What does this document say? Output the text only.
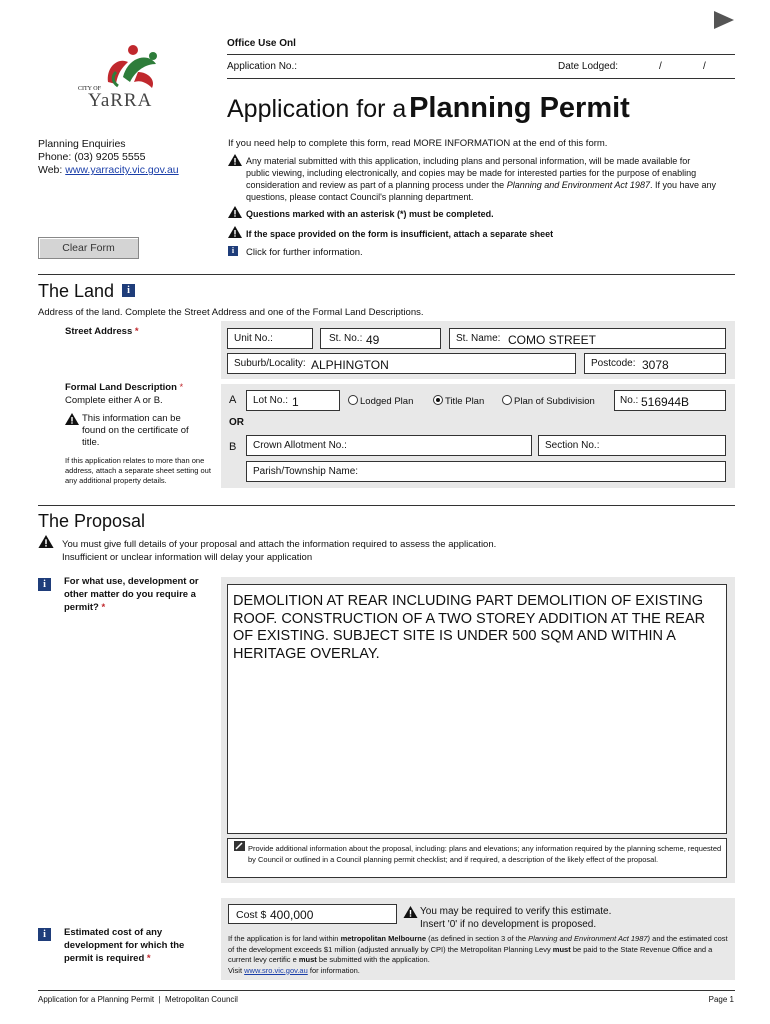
Office Use Onl
Application No.:	Date Lodged:	/	/
CITY OF
YaRRA	Application for a Planning Permit
Planning Enquiries
Phone: (03) 9205 5555
Web: www.yarracity.vic.gov.au
If you need help to complete this form, read MORE INFORMATION at the end of this form.
Any material submitted with this application, including plans and personal information, will be made available for public viewing, including electronically, and copies may be made for interested parties for the purpose of enabling consideration and review as part of a planning process under the Planning and Environment Act 1987. If you have any questions, please contact Council's planning department.
Questions marked with an asterisk (*) must be completed.
If the space provided on the form is insufficient, attach a separate sheet
Clear Form	i	Click for further information.
The Land	i
Address of the land. Complete the Street Address and one of the Formal Land Descriptions.
Street Address *
Unit No.:	St. No.: 49	St. Name: COMO STREET
Suburb/Locality: ALPHINGTON	Postcode: 3078
Formal Land Description *
Complete either A or B.
This information can be found on the certificate of title.
If this application relates to more than one address, attach a separate sheet setting out any additional property details.
A Lot No.: 1	Lodged Plan	Title Plan	Plan of Subdivision	No.: 516944B
OR
B Crown Allotment No.:	Section No.:
Parish/Township Name:
The Proposal
You must give full details of your proposal and attach the information required to assess the application.
Insufficient or unclear information will delay your application
i	For what use, development or other matter do you require a permit? *	DEMOLITION AT REAR INCLUDING PART DEMOLITION OF EXISTING ROOF. CONSTRUCTION OF A TWO STOREY ADDITION AT THE REAR OF EXISTING. SUBJECT SITE IS UNDER 500 SQM AND WITHIN A HERITAGE OVERLAY.
Provide additional information about the proposal, including: plans and elevations; any information required by the planning scheme, requested by Council or outlined in a Council planning permit checklist; and if required, a description of the likely effect of the proposal.
Cost $ 400,000	You may be required to verify this estimate.
Insert '0' if no development is proposed.
If the application is for land within metropolitan Melbourne (as defined in section 3 of the Planning and Environment Act 1987) and the estimated cost of the development exceeds $1 million (adjusted annually by CPI) the Metropolitan Planning Levy must be paid to the State Revenue Office and a current levy certific e must be submitted with the application.
Visit www.sro.vic.gov.au for information.
i	Estimated cost of any development for which the permit is required *
Application for a Planning Permit  |  Metropolitan Council	Page 1
